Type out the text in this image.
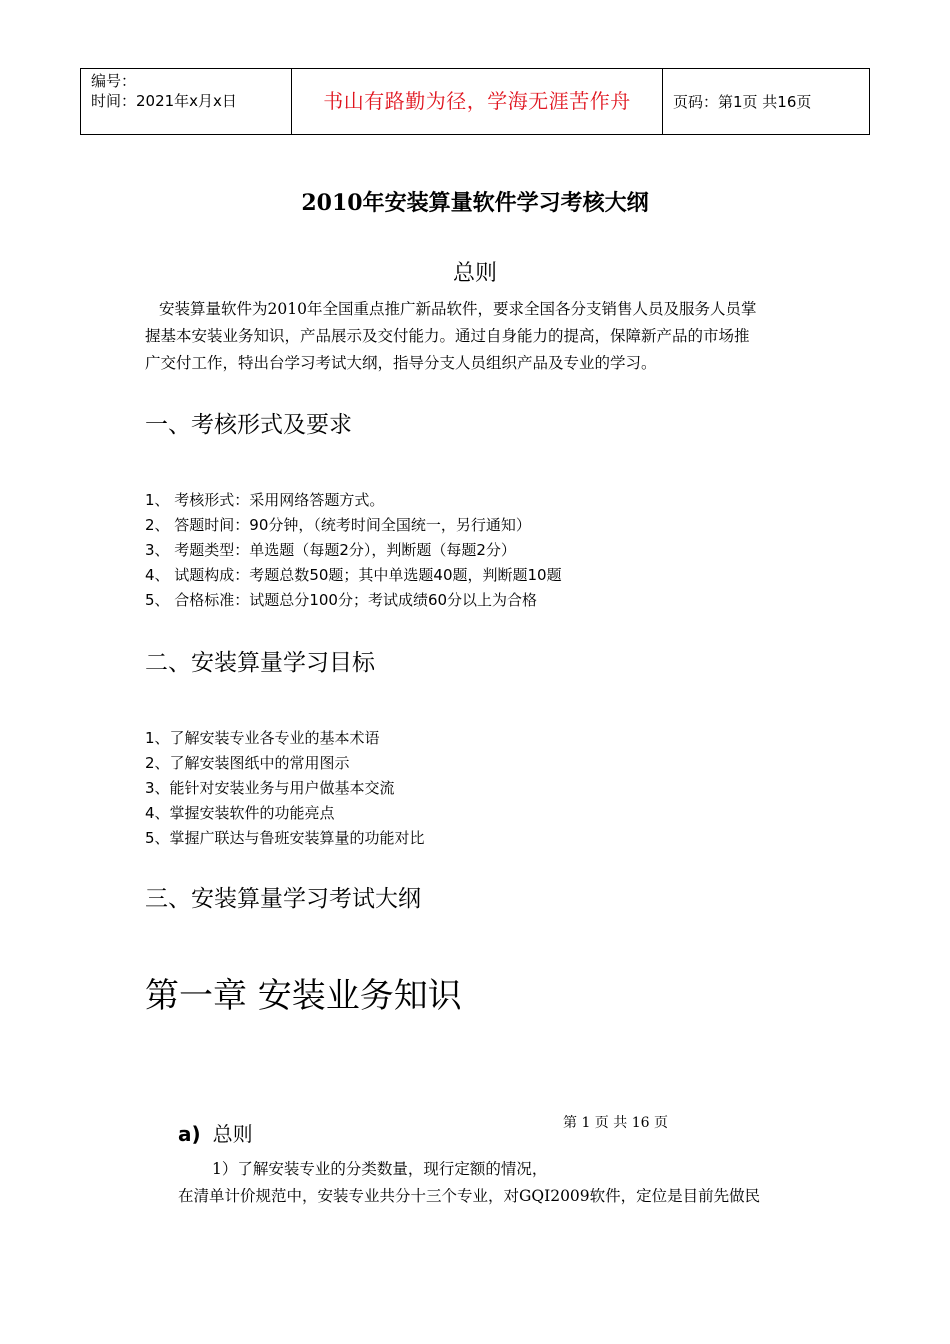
编号：
时间：2021年x月x日	书山有路勤为径，学海无涯苦作舟	页码：第1页 共16页
2010年安装算量软件学习考核大纲
总则

安装算量软件为2010年全国重点推广新品软件，要求全国各分支销售人员及服务人员掌

握基本安装业务知识，产品展示及交付能力。通过自身能力的提高，保障新产品的市场推

广交付工作，特出台学习考试大纲，指导分支人员组织产品及专业的学习。

一、考核形式及要求
1、 考核形式：采用网络答题方式。
2、 答题时间：90分钟，（统考时间全国统一，另行通知）
3、 考题类型：单选题（每题2分），判断题（每题2分）
4、 试题构成：考题总数50题；其中单选题40题，判断题10题
5、 合格标准：试题总分100分；考试成绩60分以上为合格
二、安装算量学习目标
1、了解安装专业各专业的基本术语
2、了解安装图纸中的常用图示
3、能针对安装业务与用户做基本交流
4、掌握安装软件的功能亮点
5、掌握广联达与鲁班安装算量的功能对比
三、安装算量学习考试大纲
第一章 安装业务知识
第 1 页 共 16 页
a) 总则
1）了解安装专业的分类数量，现行定额的情况，
在清单计价规范中，安装专业共分十三个专业，对GQI2009软件，定位是目前先做民
